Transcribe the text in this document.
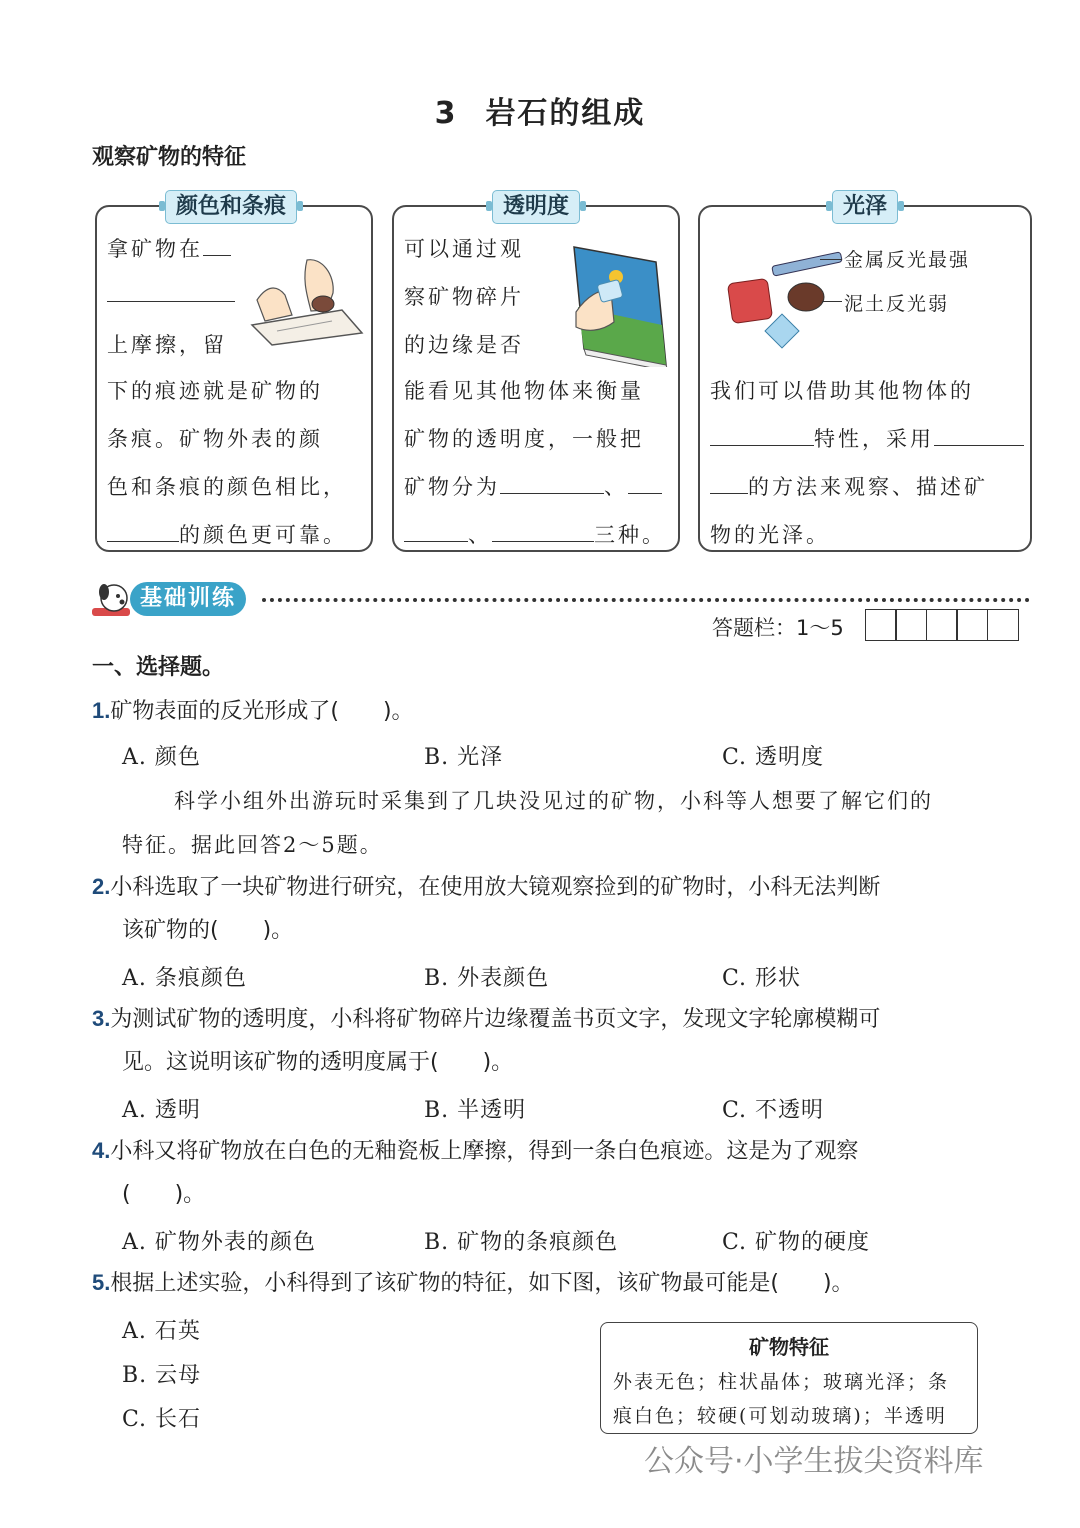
3 岩石的组成
观察矿物的特征
颜色和条痕
拿矿物在
上摩擦，留
下的痕迹就是矿物的
条痕。矿物外表的颜
色和条痕的颜色相比，
的颜色更可靠。
透明度
可以通过观
察矿物碎片
的边缘是否
能看见其他物体来衡量
矿物的透明度，一般把
矿物分为	、
、	三种。
光泽
金属反光最强
泥土反光弱
我们可以借助其他物体的
特性，采用
的方法来观察、描述矿
物的光泽。
基础训练
答题栏：1～5
一、选择题。
1.矿物表面的反光形成了(　　)。
A. 颜色	B. 光泽	C. 透明度
科学小组外出游玩时采集到了几块没见过的矿物，小科等人想要了解它们的
特征。据此回答2～5题。
2.小科选取了一块矿物进行研究，在使用放大镜观察捡到的矿物时，小科无法判断
该矿物的(　　)。
A. 条痕颜色	B. 外表颜色	C. 形状
3.为测试矿物的透明度，小科将矿物碎片边缘覆盖书页文字，发现文字轮廓模糊可
见。这说明该矿物的透明度属于(　　)。
A. 透明	B. 半透明	C. 不透明
4.小科又将矿物放在白色的无釉瓷板上摩擦，得到一条白色痕迹。这是为了观察
(　　)。
A. 矿物外表的颜色	B. 矿物的条痕颜色	C. 矿物的硬度
5.根据上述实验，小科得到了该矿物的特征，如下图，该矿物最可能是(　　)。
A. 石英
B. 云母
C. 长石
矿物特征
外表无色；柱状晶体；玻璃光泽；条
痕白色；较硬(可划动玻璃)；半透明
公众号·小学生拔尖资料库
